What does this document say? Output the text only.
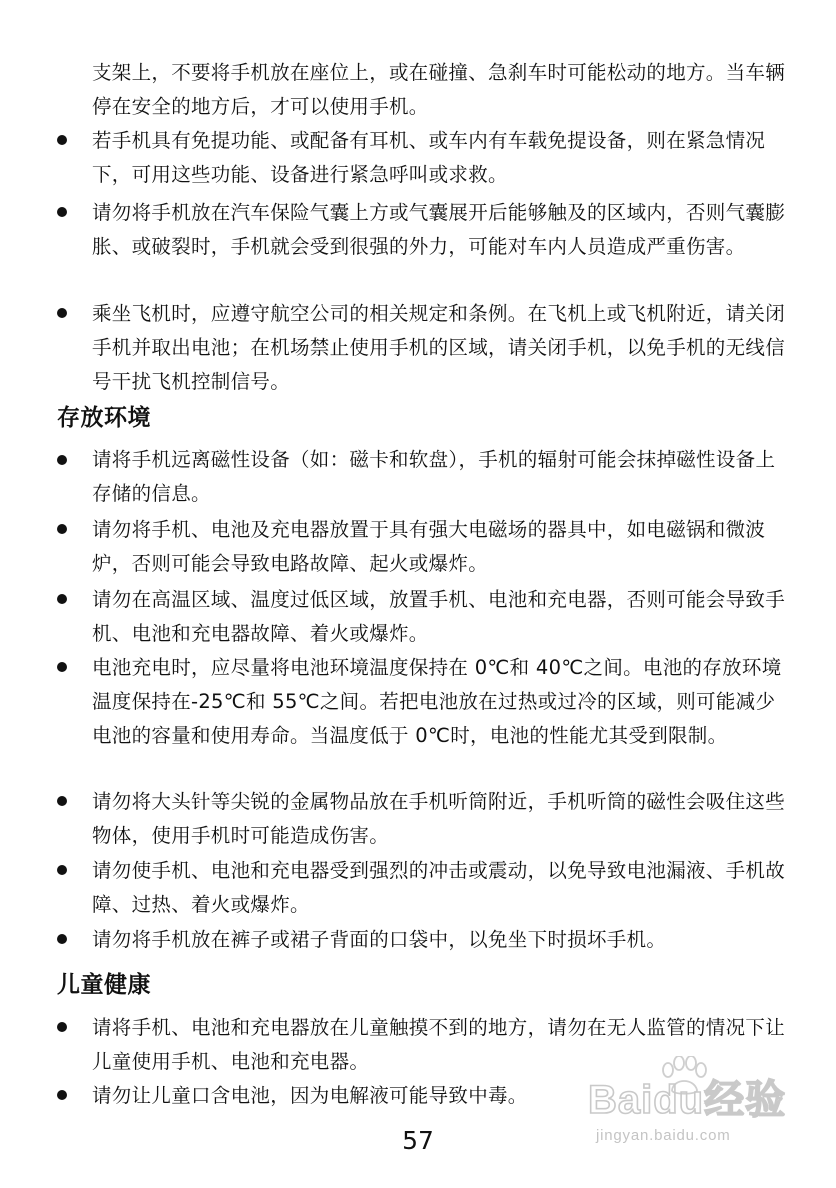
支架上，不要将手机放在座位上，或在碰撞、急刹车时可能松动的地方。当车辆停在安全的地方后，才可以使用手机。

若手机具有免提功能、或配备有耳机、或车内有车载免提设备，则在紧急情况下，可用这些功能、设备进行紧急呼叫或求救。

请勿将手机放在汽车保险气囊上方或气囊展开后能够触及的区域内，否则气囊膨胀、或破裂时，手机就会受到很强的外力，可能对车内人员造成严重伤害。

乘坐飞机时，应遵守航空公司的相关规定和条例。在飞机上或飞机附近，请关闭手机并取出电池；在机场禁止使用手机的区域，请关闭手机，以免手机的无线信号干扰飞机控制信号。

存放环境

请将手机远离磁性设备（如：磁卡和软盘），手机的辐射可能会抹掉磁性设备上存储的信息。

请勿将手机、电池及充电器放置于具有强大电磁场的器具中，如电磁锅和微波炉，否则可能会导致电路故障、起火或爆炸。

请勿在高温区域、温度过低区域，放置手机、电池和充电器，否则可能会导致手机、电池和充电器故障、着火或爆炸。

电池充电时，应尽量将电池环境温度保持在 0℃和 40℃之间。电池的存放环境温度保持在-25℃和 55℃之间。若把电池放在过热或过冷的区域，则可能减少电池的容量和使用寿命。当温度低于 0℃时，电池的性能尤其受到限制。

请勿将大头针等尖锐的金属物品放在手机听筒附近，手机听筒的磁性会吸住这些物体，使用手机时可能造成伤害。

请勿使手机、电池和充电器受到强烈的冲击或震动，以免导致电池漏液、手机故障、过热、着火或爆炸。

请勿将手机放在裤子或裙子背面的口袋中，以免坐下时损坏手机。

儿童健康

请将手机、电池和充电器放在儿童触摸不到的地方，请勿在无人监管的情况下让儿童使用手机、电池和充电器。

请勿让儿童口含电池，因为电解液可能导致中毒。

57
Baidu经验
jingyan.baidu.com
